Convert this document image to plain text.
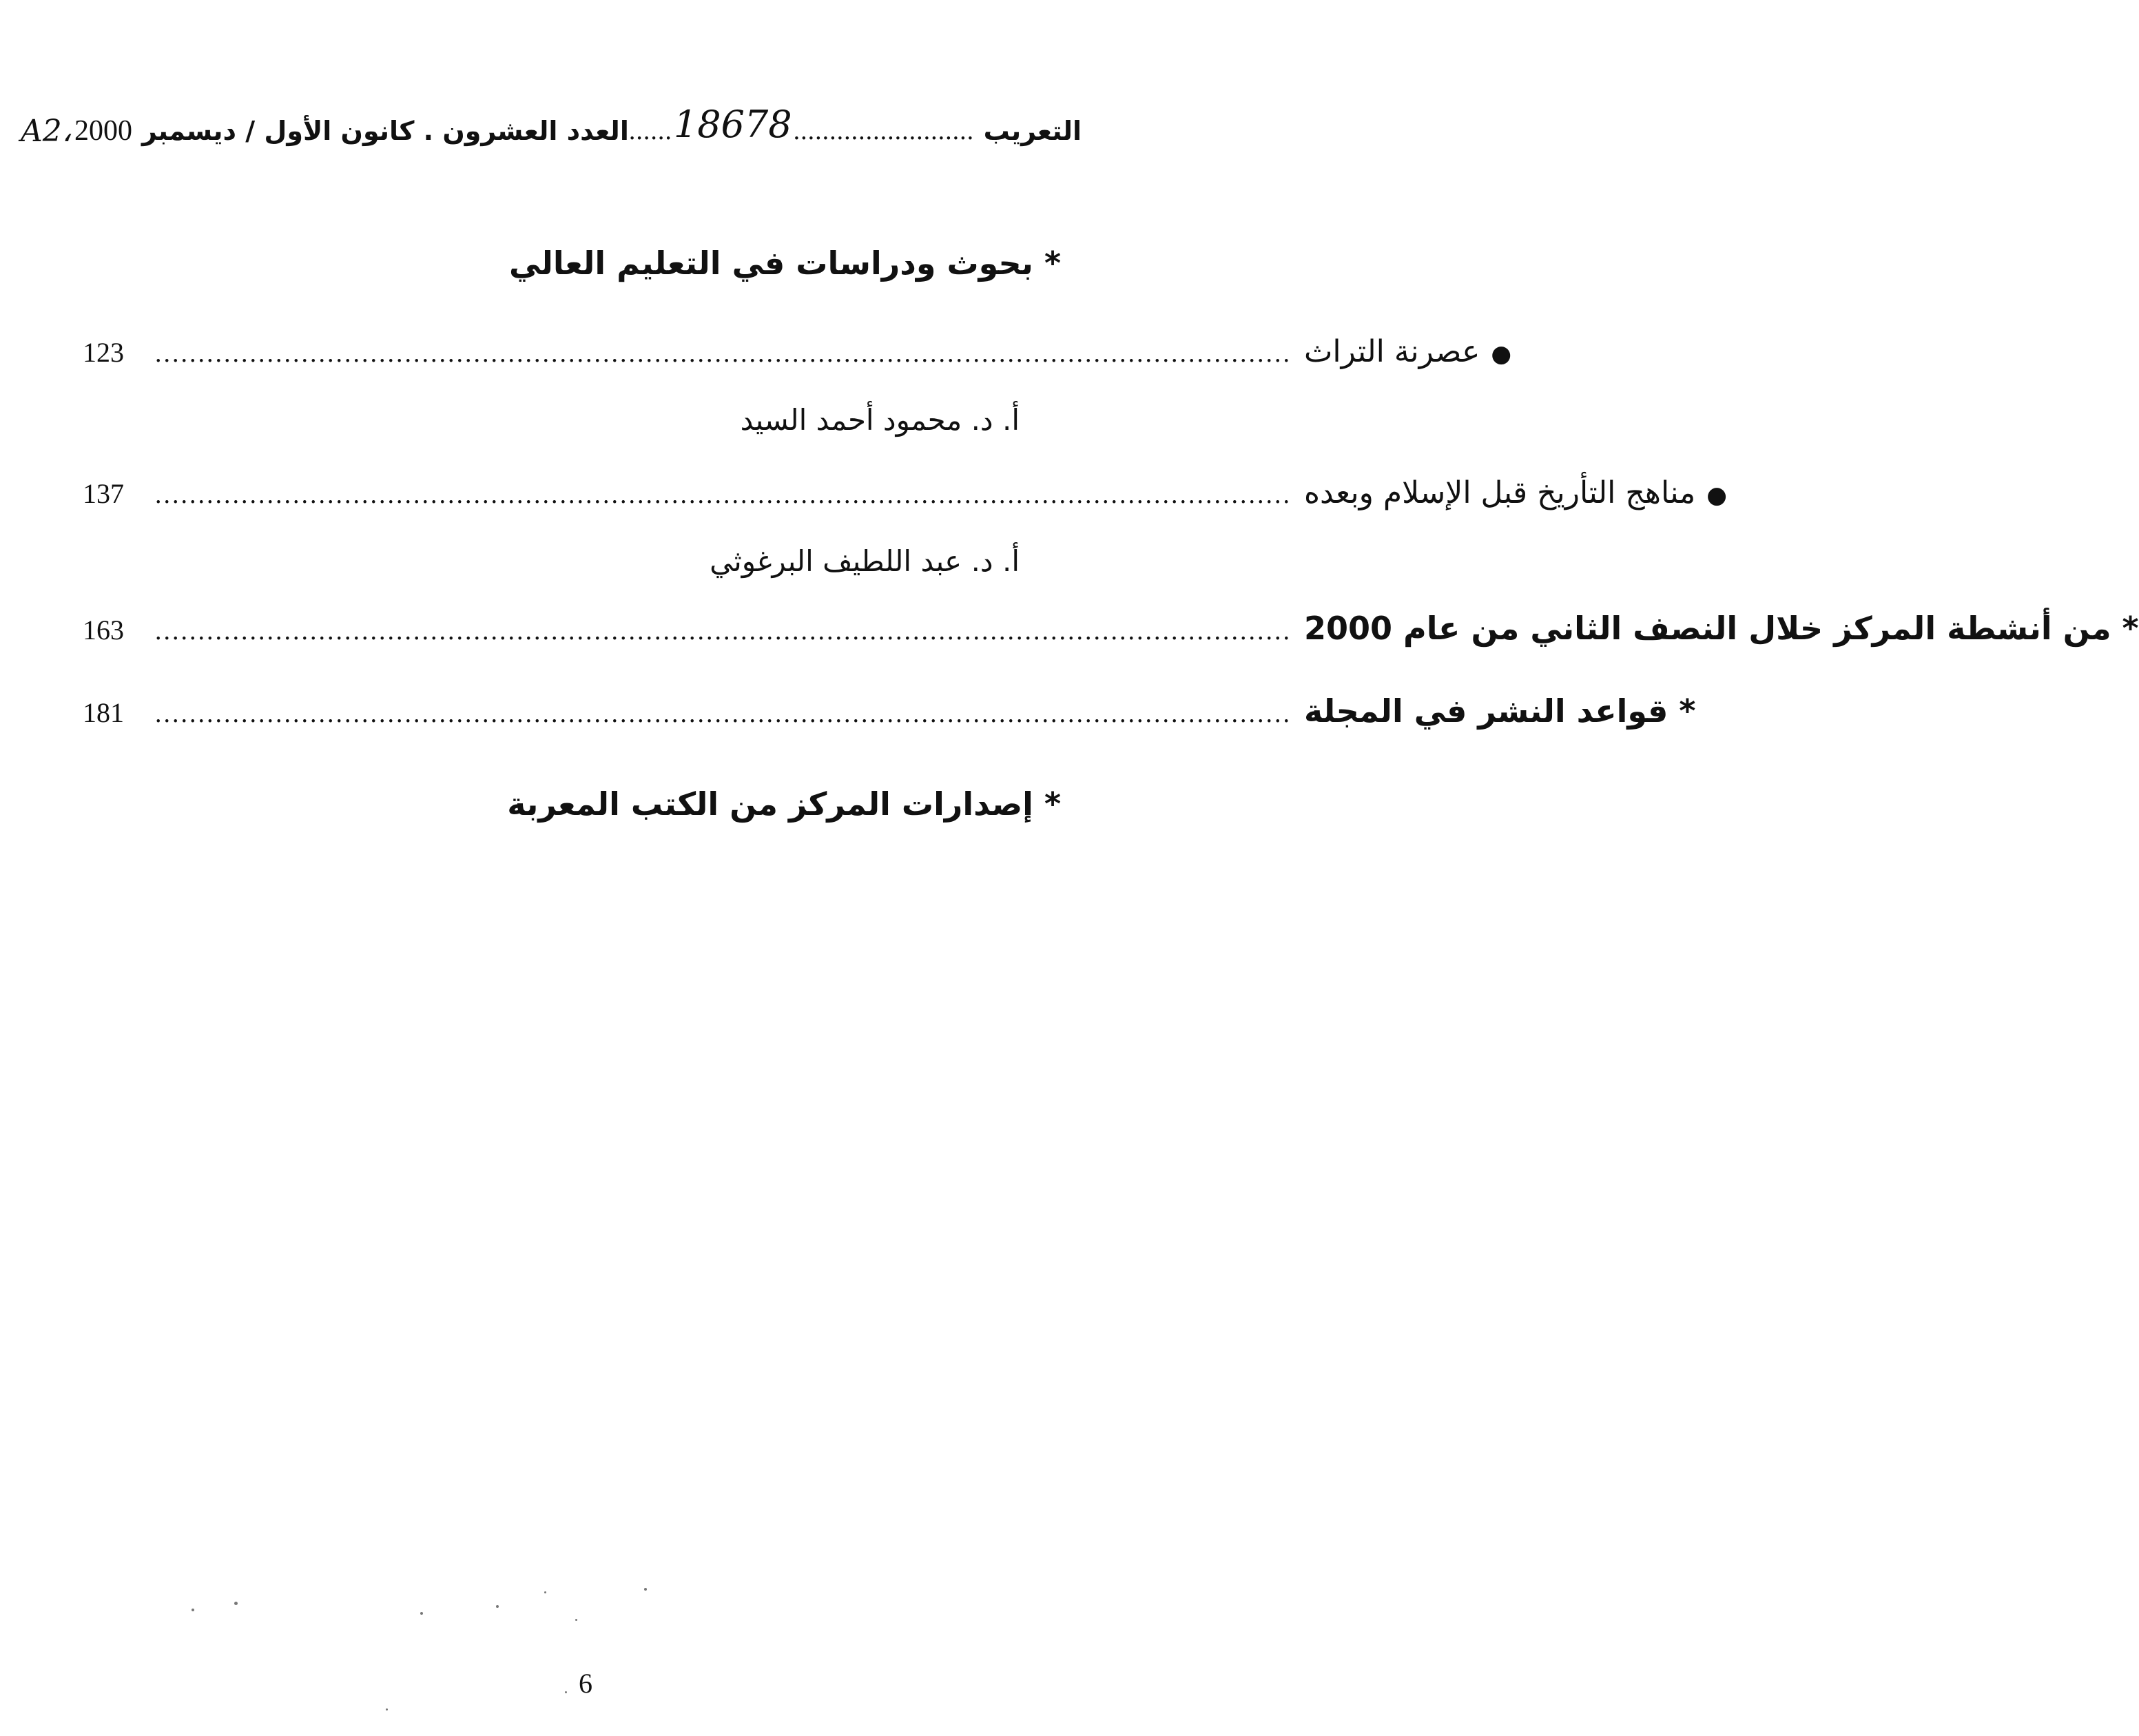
A2، 2000 العدد العشرون . كانون الأول / ديسمبر ...... 18678 ......................... التعريب
*بحوث ودراسات في التعليم العالي
123	....................................................................................................................................	●عصرنة التراث
أ. د. محمود أحمد السيد
137	....................................................................................................................................	●مناهج التأريخ قبل الإسلام وبعده
أ. د. عبد اللطيف البرغوثي
163	....................................................................................................................................	*من أنشطة المركز خلال النصف الثاني من عام 2000
181	....................................................................................................................................	*قواعد النشر في المجلة
*إصدارات المركز من الكتب المعربة
6
